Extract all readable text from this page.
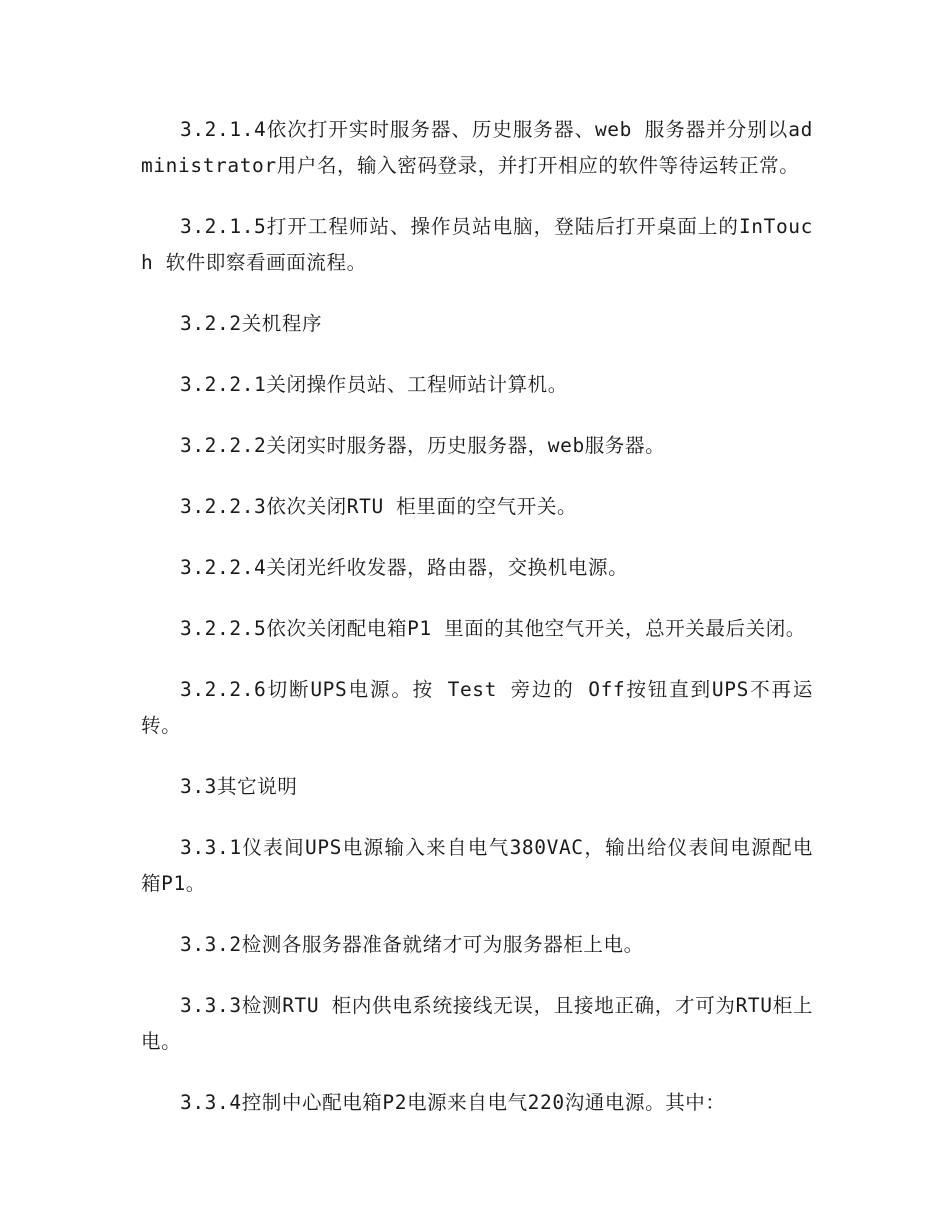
3.2.1.4依次打开实时服务器、历史服务器、web 服务器并分别以administrator用户名，输入密码登录，并打开相应的软件等待运转正常。

3.2.1.5打开工程师站、操作员站电脑，登陆后打开桌面上的InTouch 软件即察看画面流程。

3.2.2关机程序

3.2.2.1关闭操作员站、工程师站计算机。

3.2.2.2关闭实时服务器，历史服务器，web服务器。

3.2.2.3依次关闭RTU 柜里面的空气开关。

3.2.2.4关闭光纤收发器，路由器，交换机电源。

3.2.2.5依次关闭配电箱P1 里面的其他空气开关，总开关最后关闭。

3.2.2.6切断UPS电源。按 Test 旁边的 Off按钮直到UPS不再运转。

3.3其它说明

3.3.1仪表间UPS电源输入来自电气380VAC，输出给仪表间电源配电箱P1。

3.3.2检测各服务器准备就绪才可为服务器柜上电。

3.3.3检测RTU 柜内供电系统接线无误，且接地正确，才可为RTU柜上电。

3.3.4控制中心配电箱P2电源来自电气220沟通电源。其中：
